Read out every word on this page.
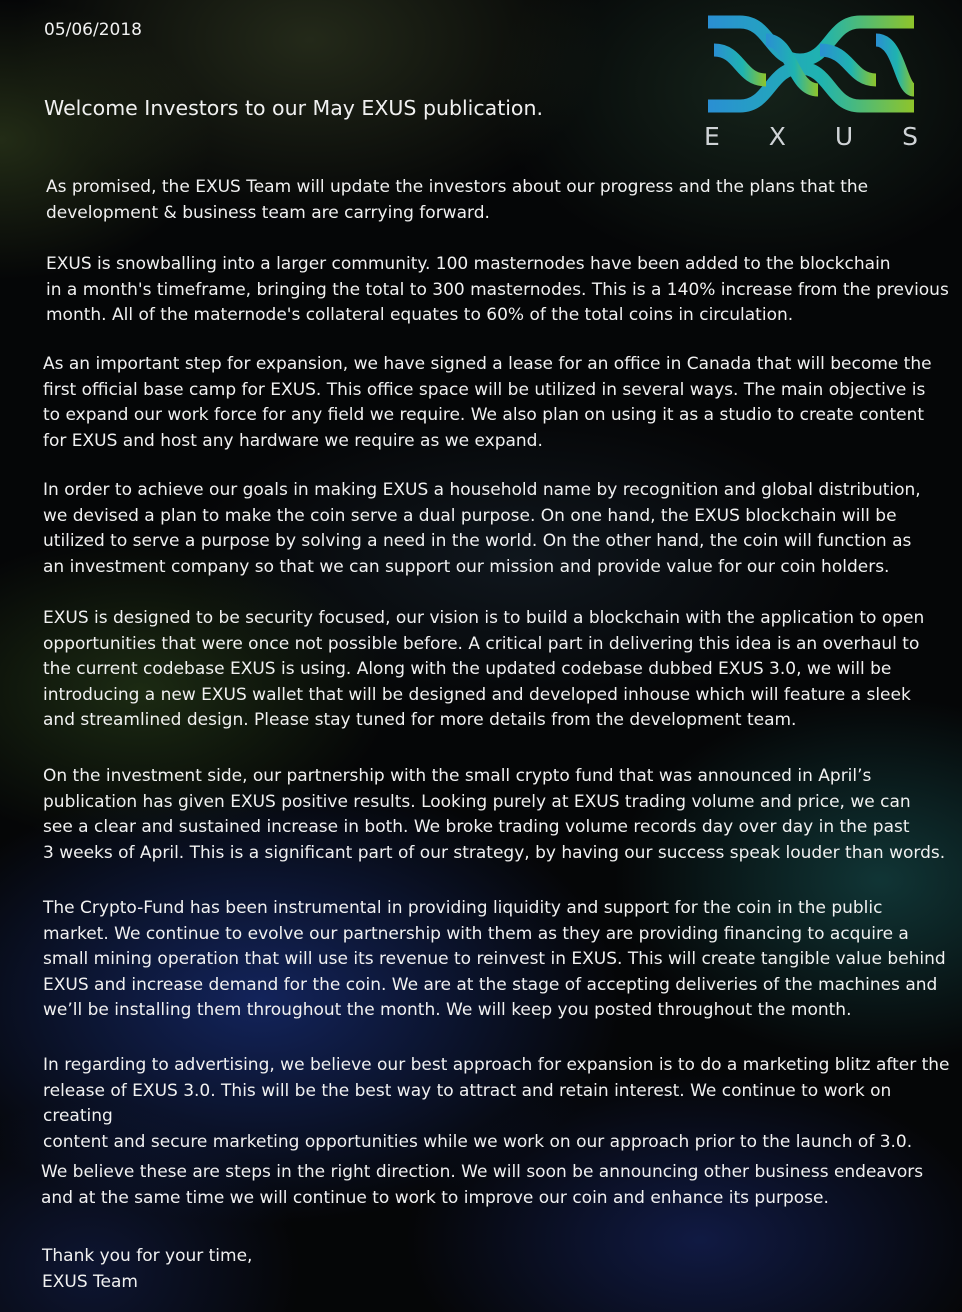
05/06/2018

Welcome Investors to our May EXUS publication.
E X U S

As promised, the EXUS Team will update the investors about our progress and the plans that the
development & business team are carrying forward.

EXUS is snowballing into a larger community. 100 masternodes have been added to the blockchain
in a month's timeframe, bringing the total to 300 masternodes. This is a 140% increase from the previous
month. All of the maternode's collateral equates to 60% of the total coins in circulation.

As an important step for expansion, we have signed a lease for an office in Canada that will become the
first official base camp for EXUS. This office space will be utilized in several ways. The main objective is
to expand our work force for any field we require. We also plan on using it as a studio to create content
for EXUS and host any hardware we require as we expand.

In order to achieve our goals in making EXUS a household name by recognition and global distribution,
we devised a plan to make the coin serve a dual purpose. On one hand, the EXUS blockchain will be
utilized to serve a purpose by solving a need in the world. On the other hand, the coin will function as
an investment company so that we can support our mission and provide value for our coin holders.

EXUS is designed to be security focused, our vision is to build a blockchain with the application to open
opportunities that were once not possible before. A critical part in delivering this idea is an overhaul to
the current codebase EXUS is using. Along with the updated codebase dubbed EXUS 3.0, we will be
introducing a new EXUS wallet that will be designed and developed inhouse which will feature a sleek
and streamlined design. Please stay tuned for more details from the development team.

On the investment side, our partnership with the small crypto fund that was announced in April’s
publication has given EXUS positive results. Looking purely at EXUS trading volume and price, we can
see a clear and sustained increase in both. We broke trading volume records day over day in the past
3 weeks of April. This is a significant part of our strategy, by having our success speak louder than words.

The Crypto-Fund has been instrumental in providing liquidity and support for the coin in the public
market. We continue to evolve our partnership with them as they are providing financing to acquire a
small mining operation that will use its revenue to reinvest in EXUS. This will create tangible value behind
EXUS and increase demand for the coin. We are at the stage of accepting deliveries of the machines and
we’ll be installing them throughout the month. We will keep you posted throughout the month.

In regarding to advertising, we believe our best approach for expansion is to do a marketing blitz after the
release of EXUS 3.0. This will be the best way to attract and retain interest. We continue to work on creating
content and secure marketing opportunities while we work on our approach prior to the launch of 3.0.

We believe these are steps in the right direction. We will soon be announcing other business endeavors
and at the same time we will continue to work to improve our coin and enhance its purpose.

Thank you for your time,
EXUS Team
